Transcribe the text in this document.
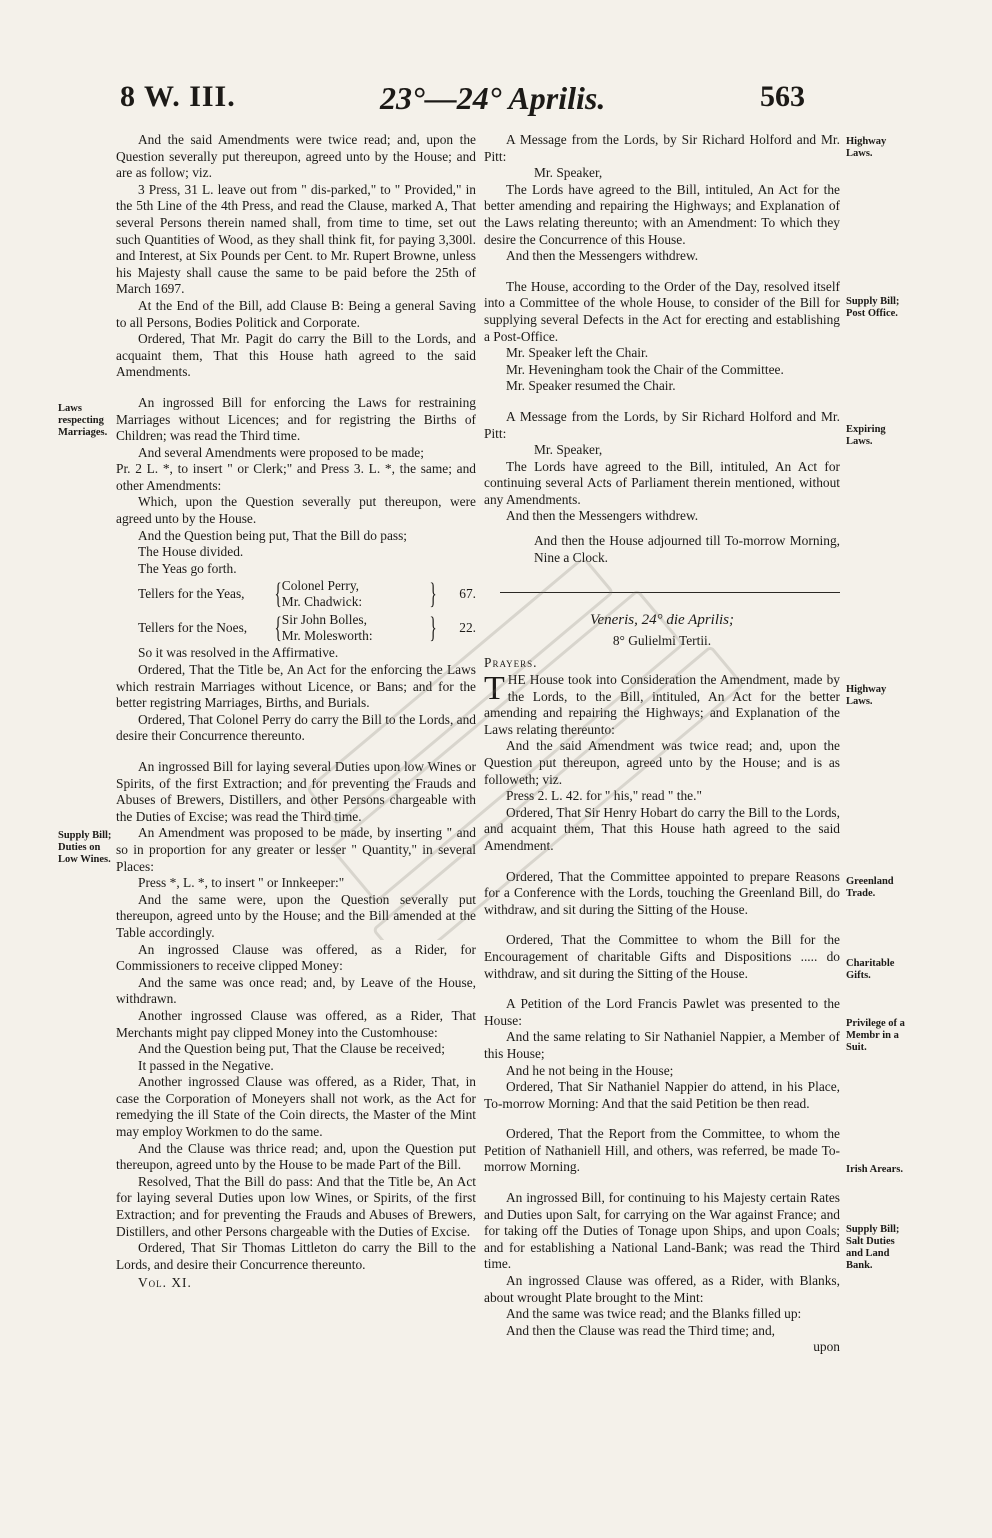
8 W. III.	23°—24° Aprilis.	563
Laws respecting Marriages.
Supply Bill; Duties on Low Wines.
Highway Laws.
Supply Bill; Post Office.
Expiring Laws.
Highway Laws.
Greenland Trade.
Charitable Gifts.
Privilege of a Membr in a Suit.
Irish Arears.
Supply Bill; Salt Duties and Land Bank.

And the said Amendments were twice read; and, upon the Question severally put thereupon, agreed unto by the House; and are as follow; viz.

3 Press, 31 L. leave out from " dis-parked," to " Provided," in the 5th Line of the 4th Press, and read the Clause, marked A, That several Persons therein named shall, from time to time, set out such Quantities of Wood, as they shall think fit, for paying 3,300l. and Interest, at Six Pounds per Cent. to Mr. Rupert Browne, unless his Majesty shall cause the same to be paid before the 25th of March 1697.

At the End of the Bill, add Clause B: Being a general Saving to all Persons, Bodies Politick and Corporate.

Ordered, That Mr. Pagit do carry the Bill to the Lords, and acquaint them, That this House hath agreed to the said Amendments.

An ingrossed Bill for enforcing the Laws for restraining Marriages without Licences; and for registring the Births of Children; was read the Third time.

And several Amendments were proposed to be made;

Pr. 2 L. *, to insert " or Clerk;" and Press 3. L. *, the same; and other Amendments:

Which, upon the Question severally put thereupon, were agreed unto by the House.

And the Question being put, That the Bill do pass;

The House divided.

The Yeas go forth.

Tellers for the Yeas, { Colonel Perry,
Mr. Chadwick:	}	67.
Tellers for the Noes, { Sir John Bolles,
Mr. Molesworth:	}	22.

So it was resolved in the Affirmative.

Ordered, That the Title be, An Act for the enforcing the Laws which restrain Marriages without Licence, or Bans; and for the better registring Marriages, Births, and Burials.

Ordered, That Colonel Perry do carry the Bill to the Lords, and desire their Concurrence thereunto.

An ingrossed Bill for laying several Duties upon low Wines or Spirits, of the first Extraction; and for preventing the Frauds and Abuses of Brewers, Distillers, and other Persons chargeable with the Duties of Excise; was read the Third time.

An Amendment was proposed to be made, by inserting " and so in proportion for any greater or lesser " Quantity," in several Places:

Press *, L. *, to insert " or Innkeeper:"

And the same were, upon the Question severally put thereupon, agreed unto by the House; and the Bill amended at the Table accordingly.

An ingrossed Clause was offered, as a Rider, for Commissioners to receive clipped Money:

And the same was once read; and, by Leave of the House, withdrawn.

Another ingrossed Clause was offered, as a Rider, That Merchants might pay clipped Money into the Customhouse:

And the Question being put, That the Clause be received;

It passed in the Negative.

Another ingrossed Clause was offered, as a Rider, That, in case the Corporation of Moneyers shall not work, as the Act for remedying the ill State of the Coin directs, the Master of the Mint may employ Workmen to do the same.

And the Clause was thrice read; and, upon the Question put thereupon, agreed unto by the House to be made Part of the Bill.

Resolved, That the Bill do pass: And that the Title be, An Act for laying several Duties upon low Wines, or Spirits, of the first Extraction; and for preventing the Frauds and Abuses of Brewers, Distillers, and other Persons chargeable with the Duties of Excise.

Ordered, That Sir Thomas Littleton do carry the Bill to the Lords, and desire their Concurrence thereunto.

Vol. XI.

A Message from the Lords, by Sir Richard Holford and Mr. Pitt:

Mr. Speaker,

The Lords have agreed to the Bill, intituled, An Act for the better amending and repairing the Highways; and Explanation of the Laws relating thereunto; with an Amendment: To which they desire the Concurrence of this House.

And then the Messengers withdrew.

The House, according to the Order of the Day, resolved itself into a Committee of the whole House, to consider of the Bill for supplying several Defects in the Act for erecting and establishing a Post-Office.

Mr. Speaker left the Chair.

Mr. Heveningham took the Chair of the Committee.

Mr. Speaker resumed the Chair.

A Message from the Lords, by Sir Richard Holford and Mr. Pitt:

Mr. Speaker,

The Lords have agreed to the Bill, intituled, An Act for continuing several Acts of Parliament therein mentioned, without any Amendments.

And then the Messengers withdrew.

And then the House adjourned till To-morrow Morning, Nine a Clock.

Veneris, 24° die Aprilis;

8° Gulielmi Tertii.

Prayers.

T HE House took into Consideration the Amendment, made by the Lords, to the Bill, intituled, An Act for the better amending and repairing the Highways; and Explanation of the Laws relating thereunto:

And the said Amendment was twice read; and, upon the Question put thereupon, agreed unto by the House; and is as followeth; viz.

Press 2. L. 42. for " his," read " the."

Ordered, That Sir Henry Hobart do carry the Bill to the Lords, and acquaint them, That this House hath agreed to the said Amendment.

Ordered, That the Committee appointed to prepare Reasons for a Conference with the Lords, touching the Greenland Bill, do withdraw, and sit during the Sitting of the House.

Ordered, That the Committee to whom the Bill for the Encouragement of charitable Gifts and Dispositions ..... do withdraw, and sit during the Sitting of the House.

A Petition of the Lord Francis Pawlet was presented to the House:

And the same relating to Sir Nathaniel Nappier, a Member of this House;

And he not being in the House;

Ordered, That Sir Nathaniel Nappier do attend, in his Place, To-morrow Morning: And that the said Petition be then read.

Ordered, That the Report from the Committee, to whom the Petition of Nathaniell Hill, and others, was referred, be made To-morrow Morning.

An ingrossed Bill, for continuing to his Majesty certain Rates and Duties upon Salt, for carrying on the War against France; and for taking off the Duties of Tonage upon Ships, and upon Coals; and for establishing a National Land-Bank; was read the Third time.

An ingrossed Clause was offered, as a Rider, with Blanks, about wrought Plate brought to the Mint:

And the same was twice read; and the Blanks filled up:

And then the Clause was read the Third time; and,

upon
